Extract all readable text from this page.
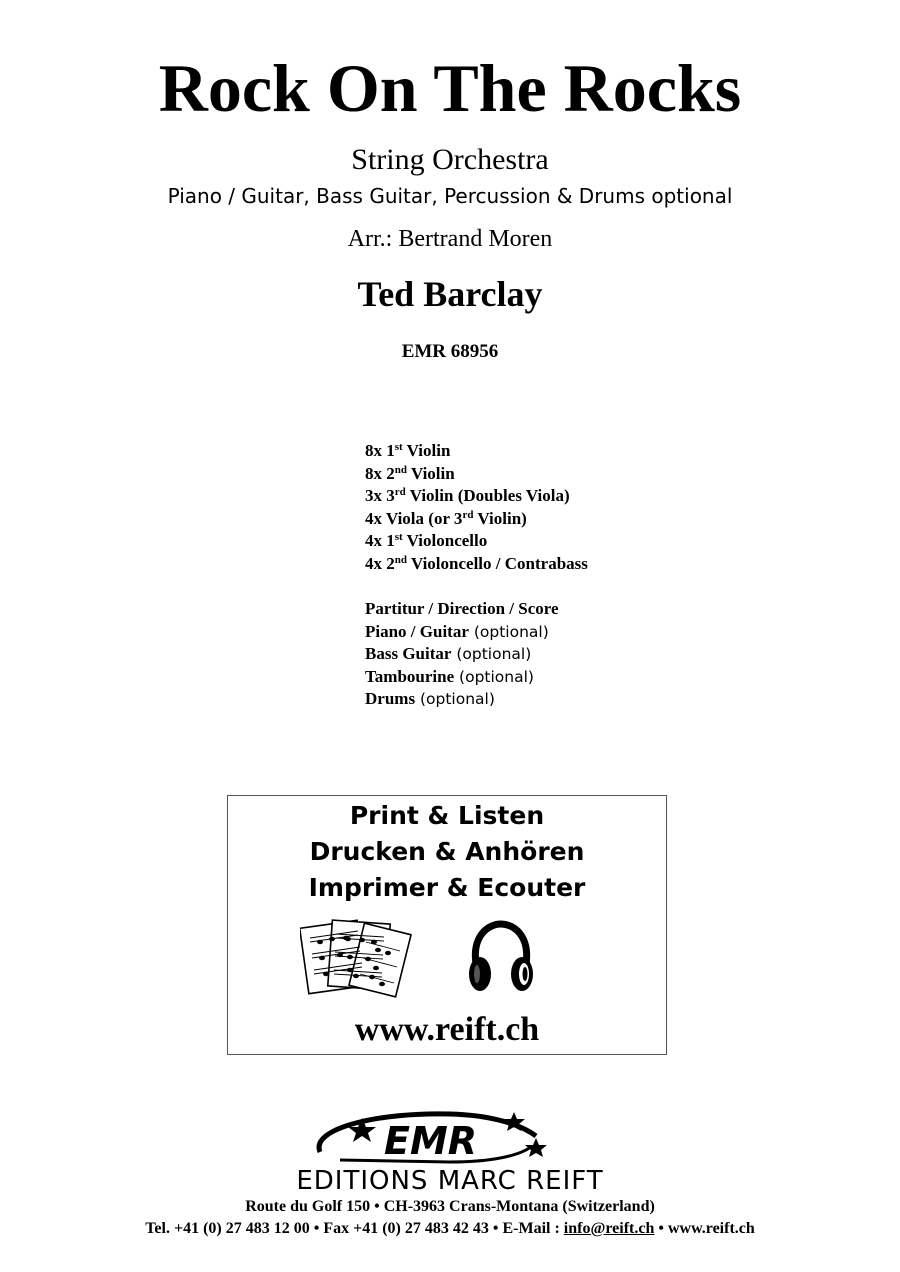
Rock On The Rocks
String Orchestra
Piano / Guitar, Bass Guitar, Percussion & Drums optional
Arr.: Bertrand Moren
Ted Barclay
EMR 68956
8x 1st Violin
8x 2nd Violin
3x 3rd Violin (Doubles Viola)
4x Viola (or 3rd Violin)
4x 1st Violoncello
4x 2nd Violoncello / Contrabass
Partitur / Direction / Score
Piano / Guitar (optional)
Bass Guitar (optional)
Tambourine (optional)
Drums (optional)
Print & Listen
Drucken & Anhören
Imprimer & Ecouter
www.reift.ch
EMR
EDITIONS MARC REIFT
Route du Golf 150 • CH-3963 Crans-Montana (Switzerland)
Tel. +41 (0) 27 483 12 00 • Fax +41 (0) 27 483 42 43 • E-Mail : info@reift.ch • www.reift.ch
